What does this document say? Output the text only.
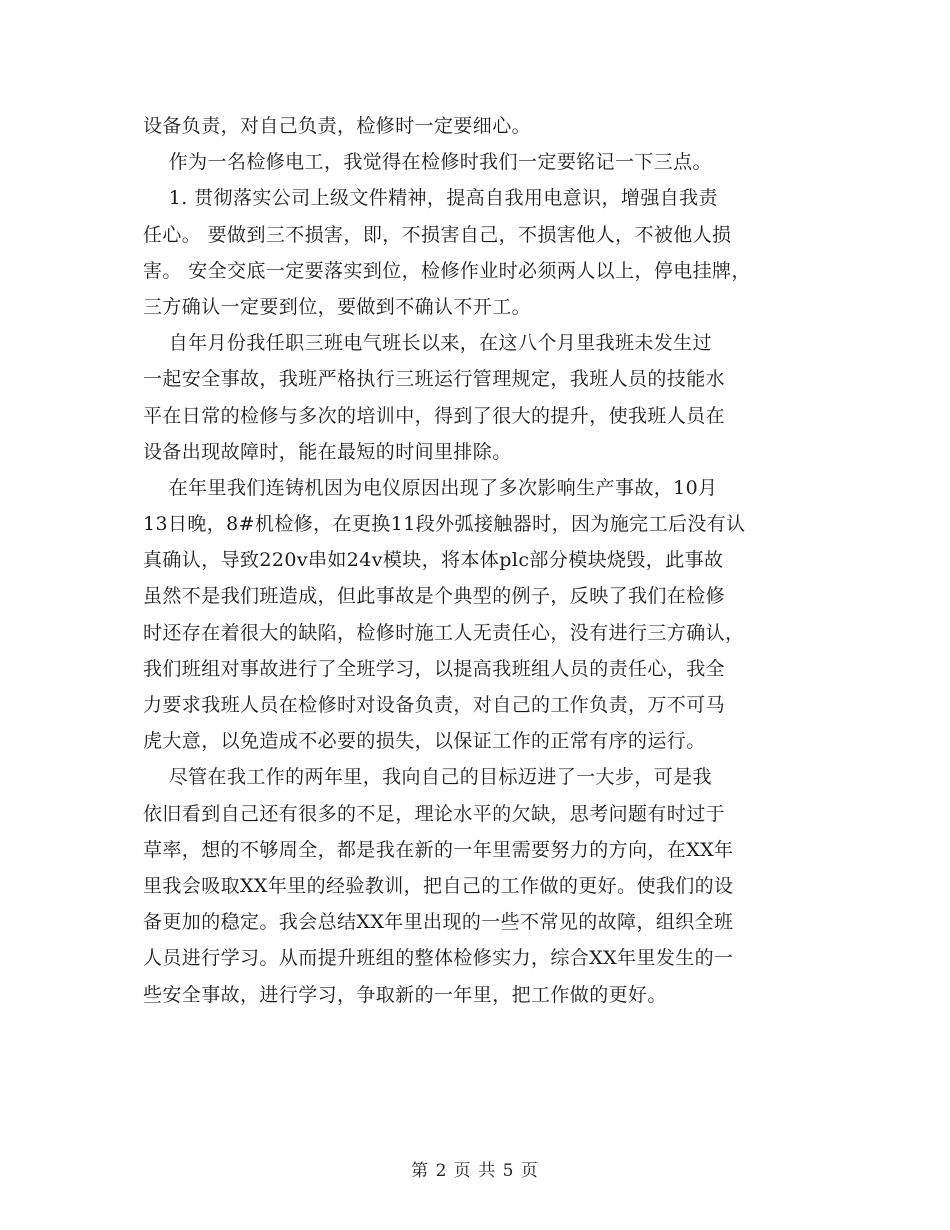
设备负责，对自己负责，检修时一定要细心。
作为一名检修电工，我觉得在检修时我们一定要铭记一下三点。
1. 贯彻落实公司上级文件精神，提高自我用电意识，增强自我责
任心。 要做到三不损害，即，不损害自己，不损害他人，不被他人损
害。 安全交底一定要落实到位，检修作业时必须两人以上，停电挂牌，
三方确认一定要到位，要做到不确认不开工。
自年月份我任职三班电气班长以来，在这八个月里我班未发生过
一起安全事故，我班严格执行三班运行管理规定，我班人员的技能水
平在日常的检修与多次的培训中，得到了很大的提升，使我班人员在
设备出现故障时，能在最短的时间里排除。
在年里我们连铸机因为电仪原因出现了多次影响生产事故，10月
13日晚，8#机检修，在更换11段外弧接触器时，因为施完工后没有认
真确认，导致220v串如24v模块，将本体plc部分模块烧毁，此事故
虽然不是我们班造成，但此事故是个典型的例子，反映了我们在检修
时还存在着很大的缺陷，检修时施工人无责任心，没有进行三方确认，
我们班组对事故进行了全班学习，以提高我班组人员的责任心，我全
力要求我班人员在检修时对设备负责，对自己的工作负责，万不可马
虎大意，以免造成不必要的损失，以保证工作的正常有序的运行。
尽管在我工作的两年里，我向自己的目标迈进了一大步，可是我
依旧看到自己还有很多的不足，理论水平的欠缺，思考问题有时过于
草率，想的不够周全，都是我在新的一年里需要努力的方向，在XX年
里我会吸取XX年里的经验教训，把自己的工作做的更好。使我们的设
备更加的稳定。我会总结XX年里出现的一些不常见的故障，组织全班
人员进行学习。从而提升班组的整体检修实力，综合XX年里发生的一
些安全事故，进行学习，争取新的一年里，把工作做的更好。
第 2 页 共 5 页
